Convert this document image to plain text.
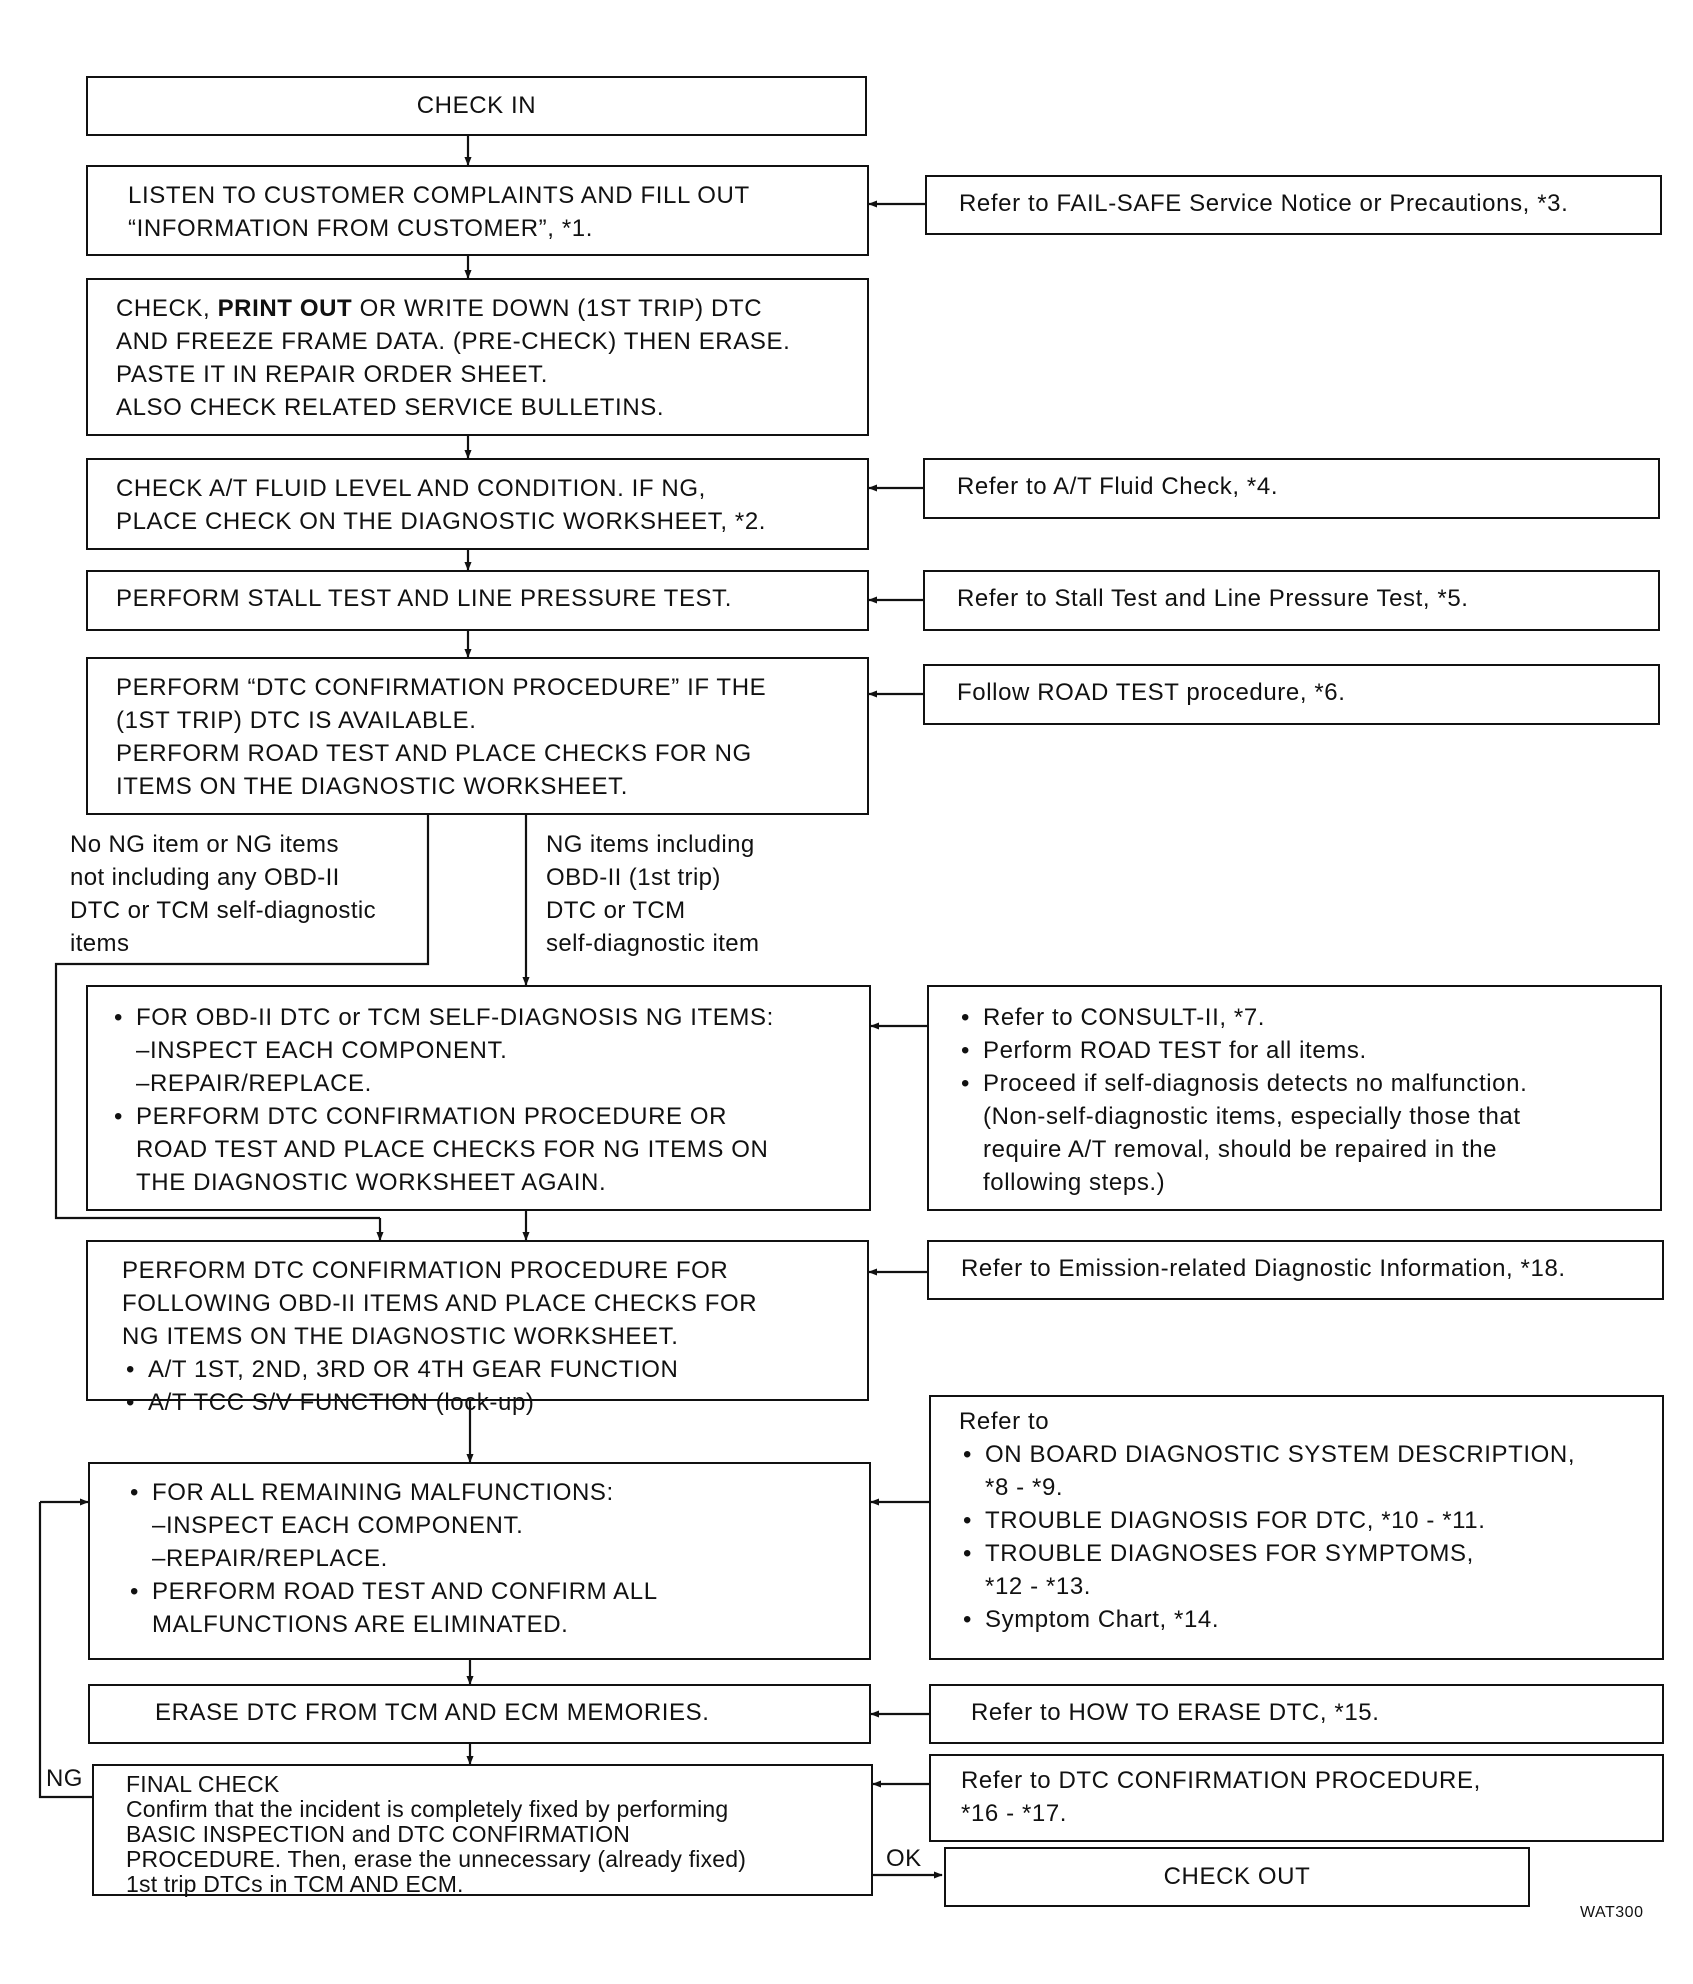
CHECK IN
LISTEN TO CUSTOMER COMPLAINTS AND FILL OUT
“INFORMATION FROM CUSTOMER”, *1.
CHECK, PRINT OUT OR WRITE DOWN (1ST TRIP) DTC
AND FREEZE FRAME DATA. (PRE-CHECK) THEN ERASE.
PASTE IT IN REPAIR ORDER SHEET.
ALSO CHECK RELATED SERVICE BULLETINS.
CHECK A/T FLUID LEVEL AND CONDITION. IF NG,
PLACE CHECK ON THE DIAGNOSTIC WORKSHEET, *2.
PERFORM STALL TEST AND LINE PRESSURE TEST.
PERFORM “DTC CONFIRMATION PROCEDURE” IF THE
(1ST TRIP) DTC IS AVAILABLE.
PERFORM ROAD TEST AND PLACE CHECKS FOR NG
ITEMS ON THE DIAGNOSTIC WORKSHEET.
No NG item or NG items
not including any OBD-II
DTC or TCM self-diagnostic
items
NG items including
OBD-II (1st trip)
DTC or TCM
self-diagnostic item
• FOR OBD-II DTC or TCM SELF-DIAGNOSIS NG ITEMS:
–INSPECT EACH COMPONENT.
–REPAIR/REPLACE.
• PERFORM DTC CONFIRMATION PROCEDURE OR
ROAD TEST AND PLACE CHECKS FOR NG ITEMS ON
THE DIAGNOSTIC WORKSHEET AGAIN.
PERFORM DTC CONFIRMATION PROCEDURE FOR
FOLLOWING OBD-II ITEMS AND PLACE CHECKS FOR
NG ITEMS ON THE DIAGNOSTIC WORKSHEET.
• A/T 1ST, 2ND, 3RD OR 4TH GEAR FUNCTION
• A/T TCC S/V FUNCTION (lock-up)
• FOR ALL REMAINING MALFUNCTIONS:
–INSPECT EACH COMPONENT.
–REPAIR/REPLACE.
• PERFORM ROAD TEST AND CONFIRM ALL
MALFUNCTIONS ARE ELIMINATED.
ERASE DTC FROM TCM AND ECM MEMORIES.
FINAL CHECK
Confirm that the incident is completely fixed by performing
BASIC INSPECTION and DTC CONFIRMATION
PROCEDURE. Then, erase the unnecessary (already fixed)
1st trip DTCs in TCM AND ECM.
NG
OK
CHECK OUT
Refer to FAIL-SAFE Service Notice or Precautions, *3.
Refer to A/T Fluid Check, *4.
Refer to Stall Test and Line Pressure Test, *5.
Follow ROAD TEST procedure, *6.
• Refer to CONSULT-II, *7.
• Perform ROAD TEST for all items.
• Proceed if self-diagnosis detects no malfunction.
(Non-self-diagnostic items, especially those that
require A/T removal, should be repaired in the
following steps.)
Refer to Emission-related Diagnostic Information, *18.
Refer to
• ON BOARD DIAGNOSTIC SYSTEM DESCRIPTION,
*8 - *9.
• TROUBLE DIAGNOSIS FOR DTC, *10 - *11.
• TROUBLE DIAGNOSES FOR SYMPTOMS,
*12 - *13.
• Symptom Chart, *14.
Refer to HOW TO ERASE DTC, *15.
Refer to DTC CONFIRMATION PROCEDURE,
*16 - *17.
WAT300
